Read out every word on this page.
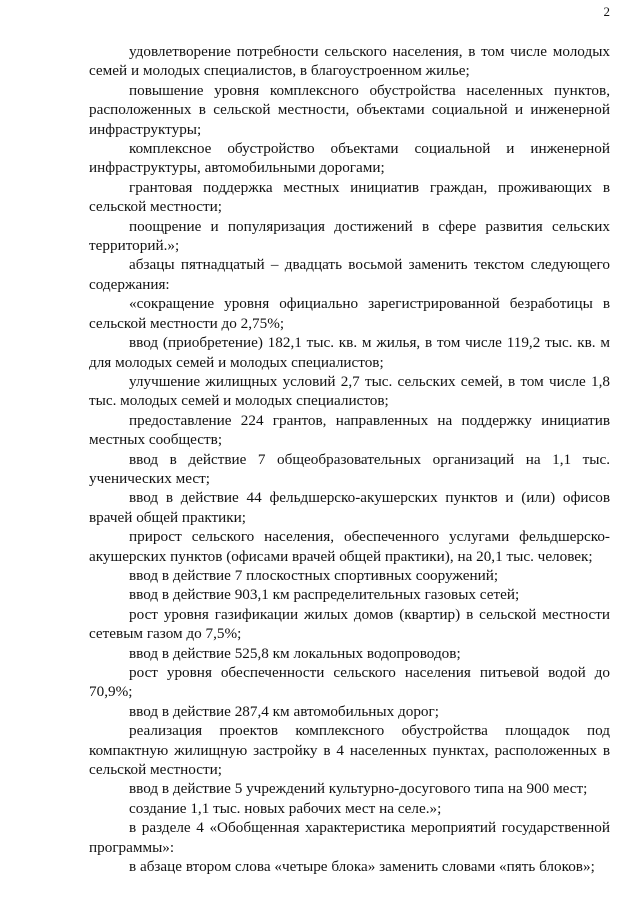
2

удовлетворение потребности сельского населения, в том числе молодых семей и молодых специалистов, в благоустроенном жилье;

повышение уровня комплексного обустройства населенных пунктов, расположенных в сельской местности, объектами социальной и инженерной инфраструктуры;

комплексное обустройство объектами социальной и инженерной инфраструктуры, автомобильными дорогами;

грантовая поддержка местных инициатив граждан, проживающих в сельской местности;

поощрение и популяризация достижений в сфере развития сельских территорий.»;

абзацы пятнадцатый – двадцать восьмой заменить текстом следующего содержания:

«сокращение уровня официально зарегистрированной безработицы в сельской местности до 2,75%;

ввод (приобретение) 182,1 тыс. кв. м жилья, в том числе 119,2 тыс. кв. м для молодых семей и молодых специалистов;

улучшение жилищных условий 2,7 тыс. сельских семей, в том числе 1,8 тыс. молодых семей и молодых специалистов;

предоставление 224 грантов, направленных на поддержку инициатив местных сообществ;

ввод в действие 7 общеобразовательных организаций на 1,1 тыс. ученических мест;

ввод в действие 44 фельдшерско-акушерских пунктов и (или) офисов врачей общей практики;

прирост сельского населения, обеспеченного услугами фельдшерско-акушерских пунктов (офисами врачей общей практики), на 20,1 тыс. человек;

ввод в действие 7 плоскостных спортивных сооружений;

ввод в действие 903,1 км распределительных газовых сетей;

рост уровня газификации жилых домов (квартир) в сельской местности сетевым газом до 7,5%;

ввод в действие 525,8 км локальных водопроводов;

рост уровня обеспеченности сельского населения питьевой водой до 70,9%;

ввод в действие 287,4 км автомобильных дорог;

реализация проектов комплексного обустройства площадок под компактную жилищную застройку в 4 населенных пунктах, расположенных в сельской местности;

ввод в действие 5 учреждений культурно-досугового типа на 900 мест;

создание 1,1 тыс. новых рабочих мест на селе.»;

в разделе 4 «Обобщенная характеристика мероприятий государственной программы»:

в абзаце втором слова «четыре блока» заменить словами «пять блоков»;
